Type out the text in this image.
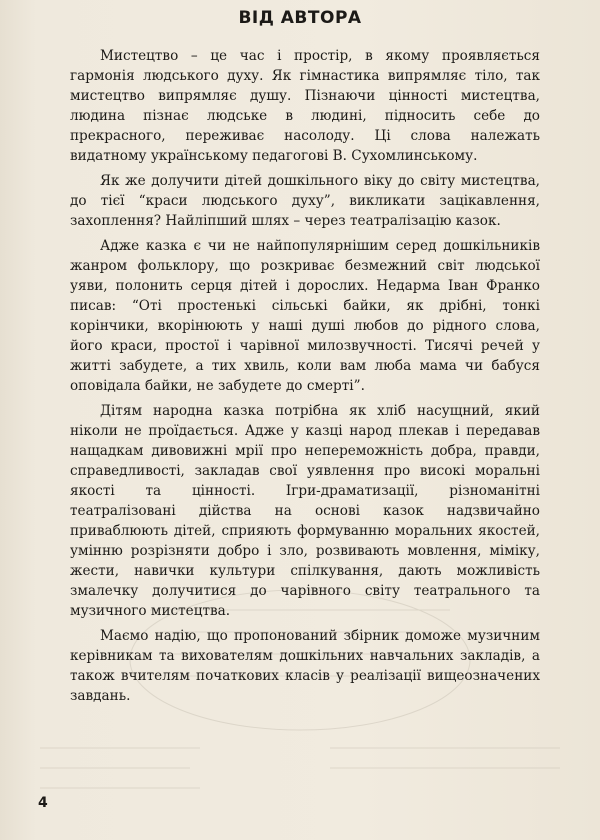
ВІД АВТОРА

Мистецтво – це час і простір, в якому проявляється гармонія людського духу. Як гімнастика випрямляє тіло, так мистецтво випрямляє душу. Пізнаючи цінності мистецтва, людина пізнає людське в людині, підносить себе до прекрасного, переживає насолоду. Ці слова належать видатному українському педагогові В. Сухомлинському.

Як же долучити дітей дошкільного віку до світу мистецтва, до тієї “краси людського духу”, викликати зацікавлення, захоплення? Найліпший шлях – через театралізацію казок.

Адже казка є чи не найпопулярнішим серед дошкільників жанром фольклору, що розкриває безмежний світ людської уяви, полонить серця дітей і дорослих. Недарма Іван Франко писав: “Оті простенькі сільські байки, як дрібні, тонкі корінчики, вкорінюють у наші душі любов до рідного слова, його краси, простої і чарівної милозвучності. Тисячі речей у житті забудете, а тих хвиль, коли вам люба мама чи бабуся оповідала байки, не забудете до смерті”.

Дітям народна казка потрібна як хліб насущний, який ніколи не проїдається. Адже у казці народ плекав і передавав нащадкам дивовижні мрії про непереможність добра, правди, справедливості, закладав свої уявлення про високі моральні якості та цінності. Ігри-драматизації, різноманітні театралізовані дійства на основі казок надзвичайно приваблюють дітей, сприяють формуванню моральних якостей, умінню розрізняти добро і зло, розвивають мовлення, міміку, жести, навички культури спілкування, дають можливість змалечку долучитися до чарівного світу театрального та музичного мистецтва.

Маємо надію, що пропонований збірник доможе музичним керівникам та вихователям дошкільних навчальних закладів, а також вчителям початкових класів у реалізації вищеозначених завдань.

4
